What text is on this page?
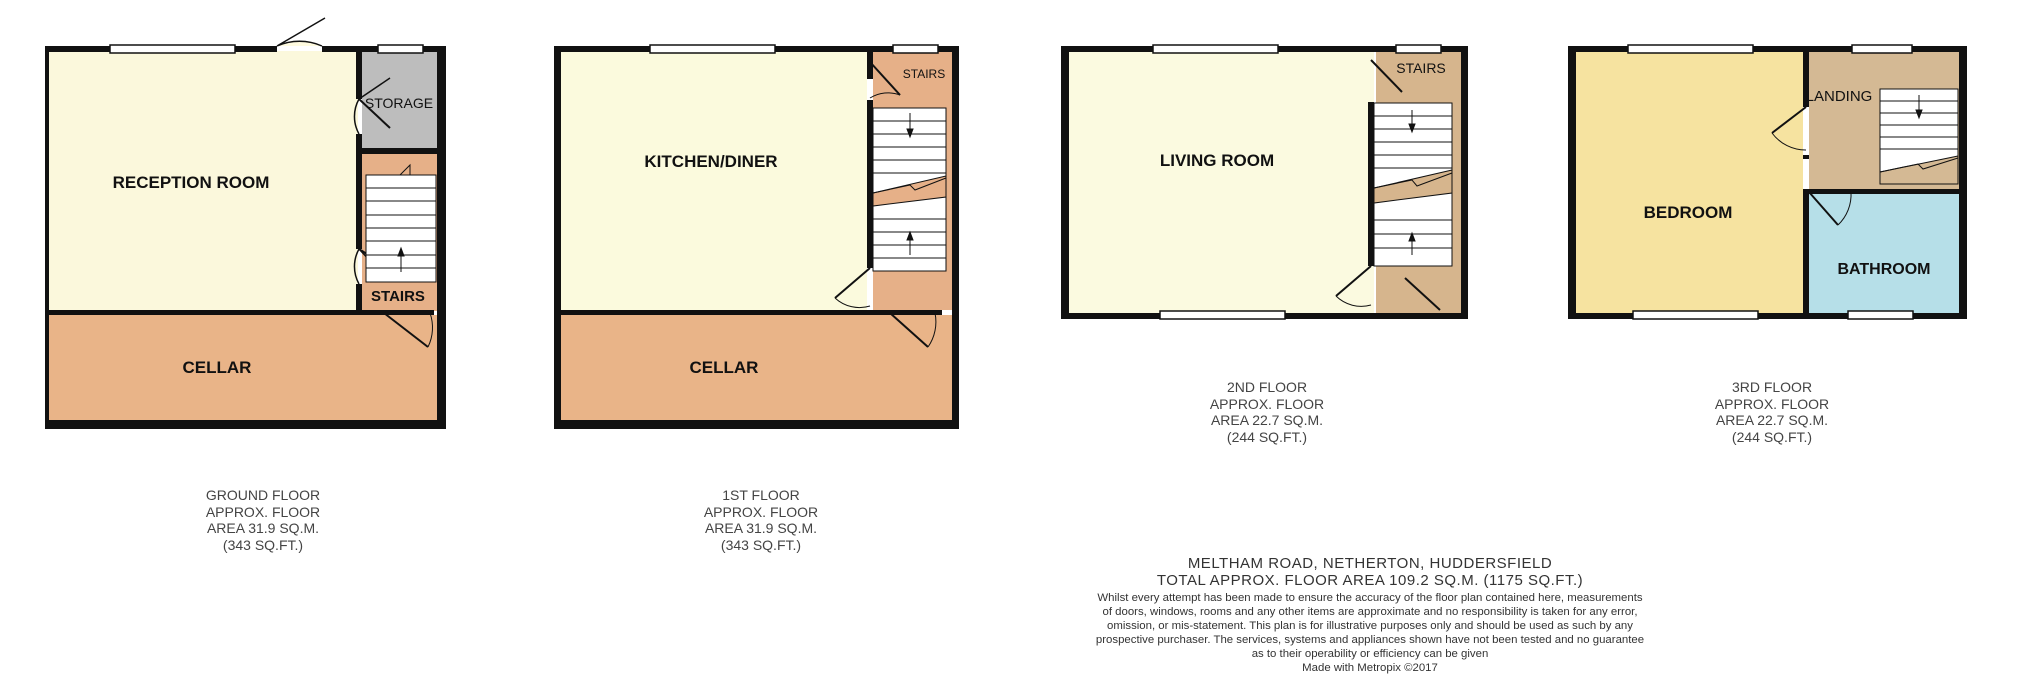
RECEPTION ROOM
STORAGE
STAIRS
CELLAR
KITCHEN/DINER
STAIRS
CELLAR
LIVING ROOM
STAIRS
BEDROOM
LANDING
BATHROOM
GROUND FLOOR
APPROX. FLOOR
AREA 31.9 SQ.M.
(343 SQ.FT.)
1ST FLOOR
APPROX. FLOOR
AREA 31.9 SQ.M.
(343 SQ.FT.)
2ND FLOOR
APPROX. FLOOR
AREA 22.7 SQ.M.
(244 SQ.FT.)
3RD FLOOR
APPROX. FLOOR
AREA 22.7 SQ.M.
(244 SQ.FT.)
MELTHAM ROAD, NETHERTON, HUDDERSFIELD
TOTAL APPROX. FLOOR AREA 109.2 SQ.M. (1175 SQ.FT.)
Whilst every attempt has been made to ensure the accuracy of the floor plan contained here, measurements
of doors, windows, rooms and any other items are approximate and no responsibility is taken for any error,
omission, or mis-statement. This plan is for illustrative purposes only and should be used as such by any
prospective purchaser. The services, systems and appliances shown have not been tested and no guarantee
as to their operability or efficiency can be given
Made with Metropix ©2017
